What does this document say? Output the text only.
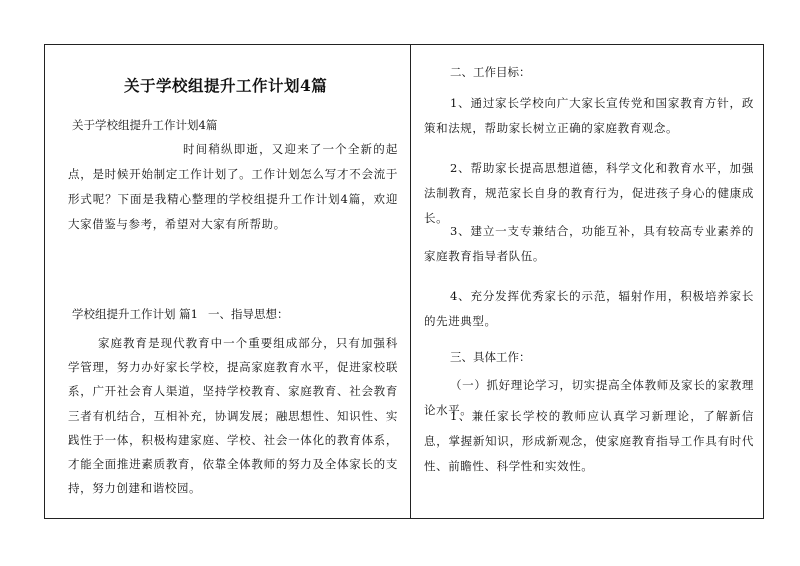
关于学校组提升工作计划4篇
关于学校组提升工作计划4篇
时间稍纵即逝，又迎来了一个全新的起点，是时候开始制定工作计划了。工作计划怎么写才不会流于形式呢？下面是我精心整理的学校组提升工作计划4篇，欢迎大家借鉴与参考，希望对大家有所帮助。
学校组提升工作计划 篇1 一、指导思想：
家庭教育是现代教育中一个重要组成部分，只有加强科学管理，努力办好家长学校，提高家庭教育水平，促进家校联系，广开社会育人渠道，坚持学校教育、家庭教育、社会教育三者有机结合，互相补充，协调发展；融思想性、知识性、实践性于一体，积极构建家庭、学校、社会一体化的教育体系，才能全面推进素质教育，依靠全体教师的努力及全体家长的支持，努力创建和谐校园。
二、工作目标：
1、通过家长学校向广大家长宣传党和国家教育方针，政策和法规，帮助家长树立正确的家庭教育观念。
2、帮助家长提高思想道德，科学文化和教育水平，加强法制教育，规范家长自身的教育行为，促进孩子身心的健康成长。
3、建立一支专兼结合，功能互补，具有较高专业素养的家庭教育指导者队伍。
4、充分发挥优秀家长的示范，辐射作用，积极培养家长的先进典型。
三、具体工作：
（一）抓好理论学习，切实提高全体教师及家长的家教理论水平。
1、兼任家长学校的教师应认真学习新理论，了解新信息，掌握新知识，形成新观念，使家庭教育指导工作具有时代性、前瞻性、科学性和实效性。
